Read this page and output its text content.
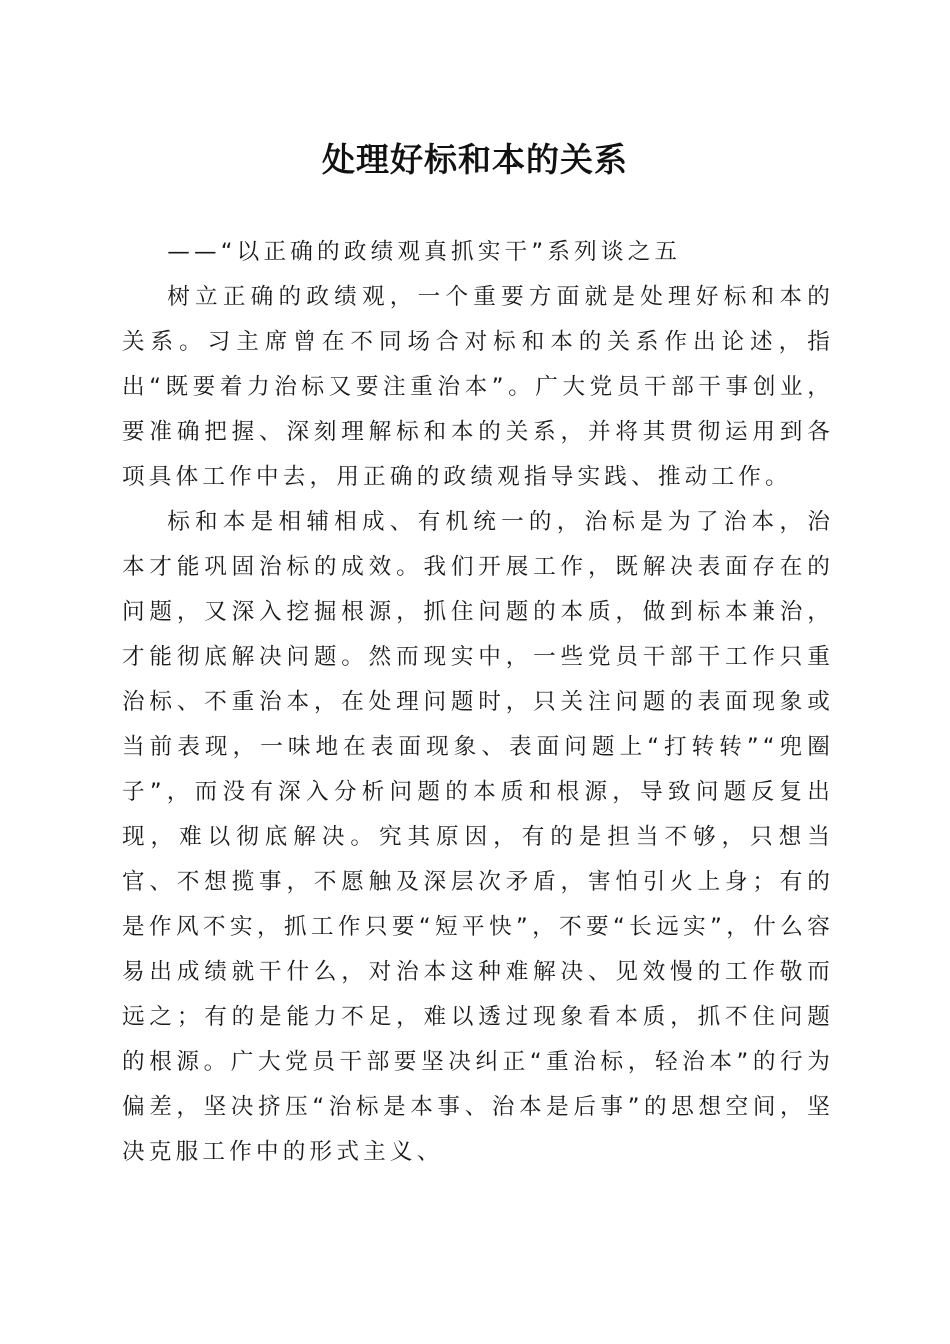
处理好标和本的关系

——“以正确的政绩观真抓实干”系列谈之五

树立正确的政绩观，一个重要方面就是处理好标和本的关系。习主席曾在不同场合对标和本的关系作出论述，指出“既要着力治标又要注重治本”。广大党员干部干事创业，要准确把握、深刻理解标和本的关系，并将其贯彻运用到各项具体工作中去，用正确的政绩观指导实践、推动工作。

标和本是相辅相成、有机统一的，治标是为了治本，治本才能巩固治标的成效。我们开展工作，既解决表面存在的问题，又深入挖掘根源，抓住问题的本质，做到标本兼治，才能彻底解决问题。然而现实中，一些党员干部干工作只重治标、不重治本，在处理问题时，只关注问题的表面现象或当前表现，一味地在表面现象、表面问题上“打转转”“兜圈子”，而没有深入分析问题的本质和根源，导致问题反复出现，难以彻底解决。究其原因，有的是担当不够，只想当官、不想揽事，不愿触及深层次矛盾，害怕引火上身；有的是作风不实，抓工作只要“短平快”，不要“长远实”，什么容易出成绩就干什么，对治本这种难解决、见效慢的工作敬而远之；有的是能力不足，难以透过现象看本质，抓不住问题的根源。广大党员干部要坚决纠正“重治标，轻治本”的行为偏差，坚决挤压“治标是本事、治本是后事”的思想空间，坚决克服工作中的形式主义、
